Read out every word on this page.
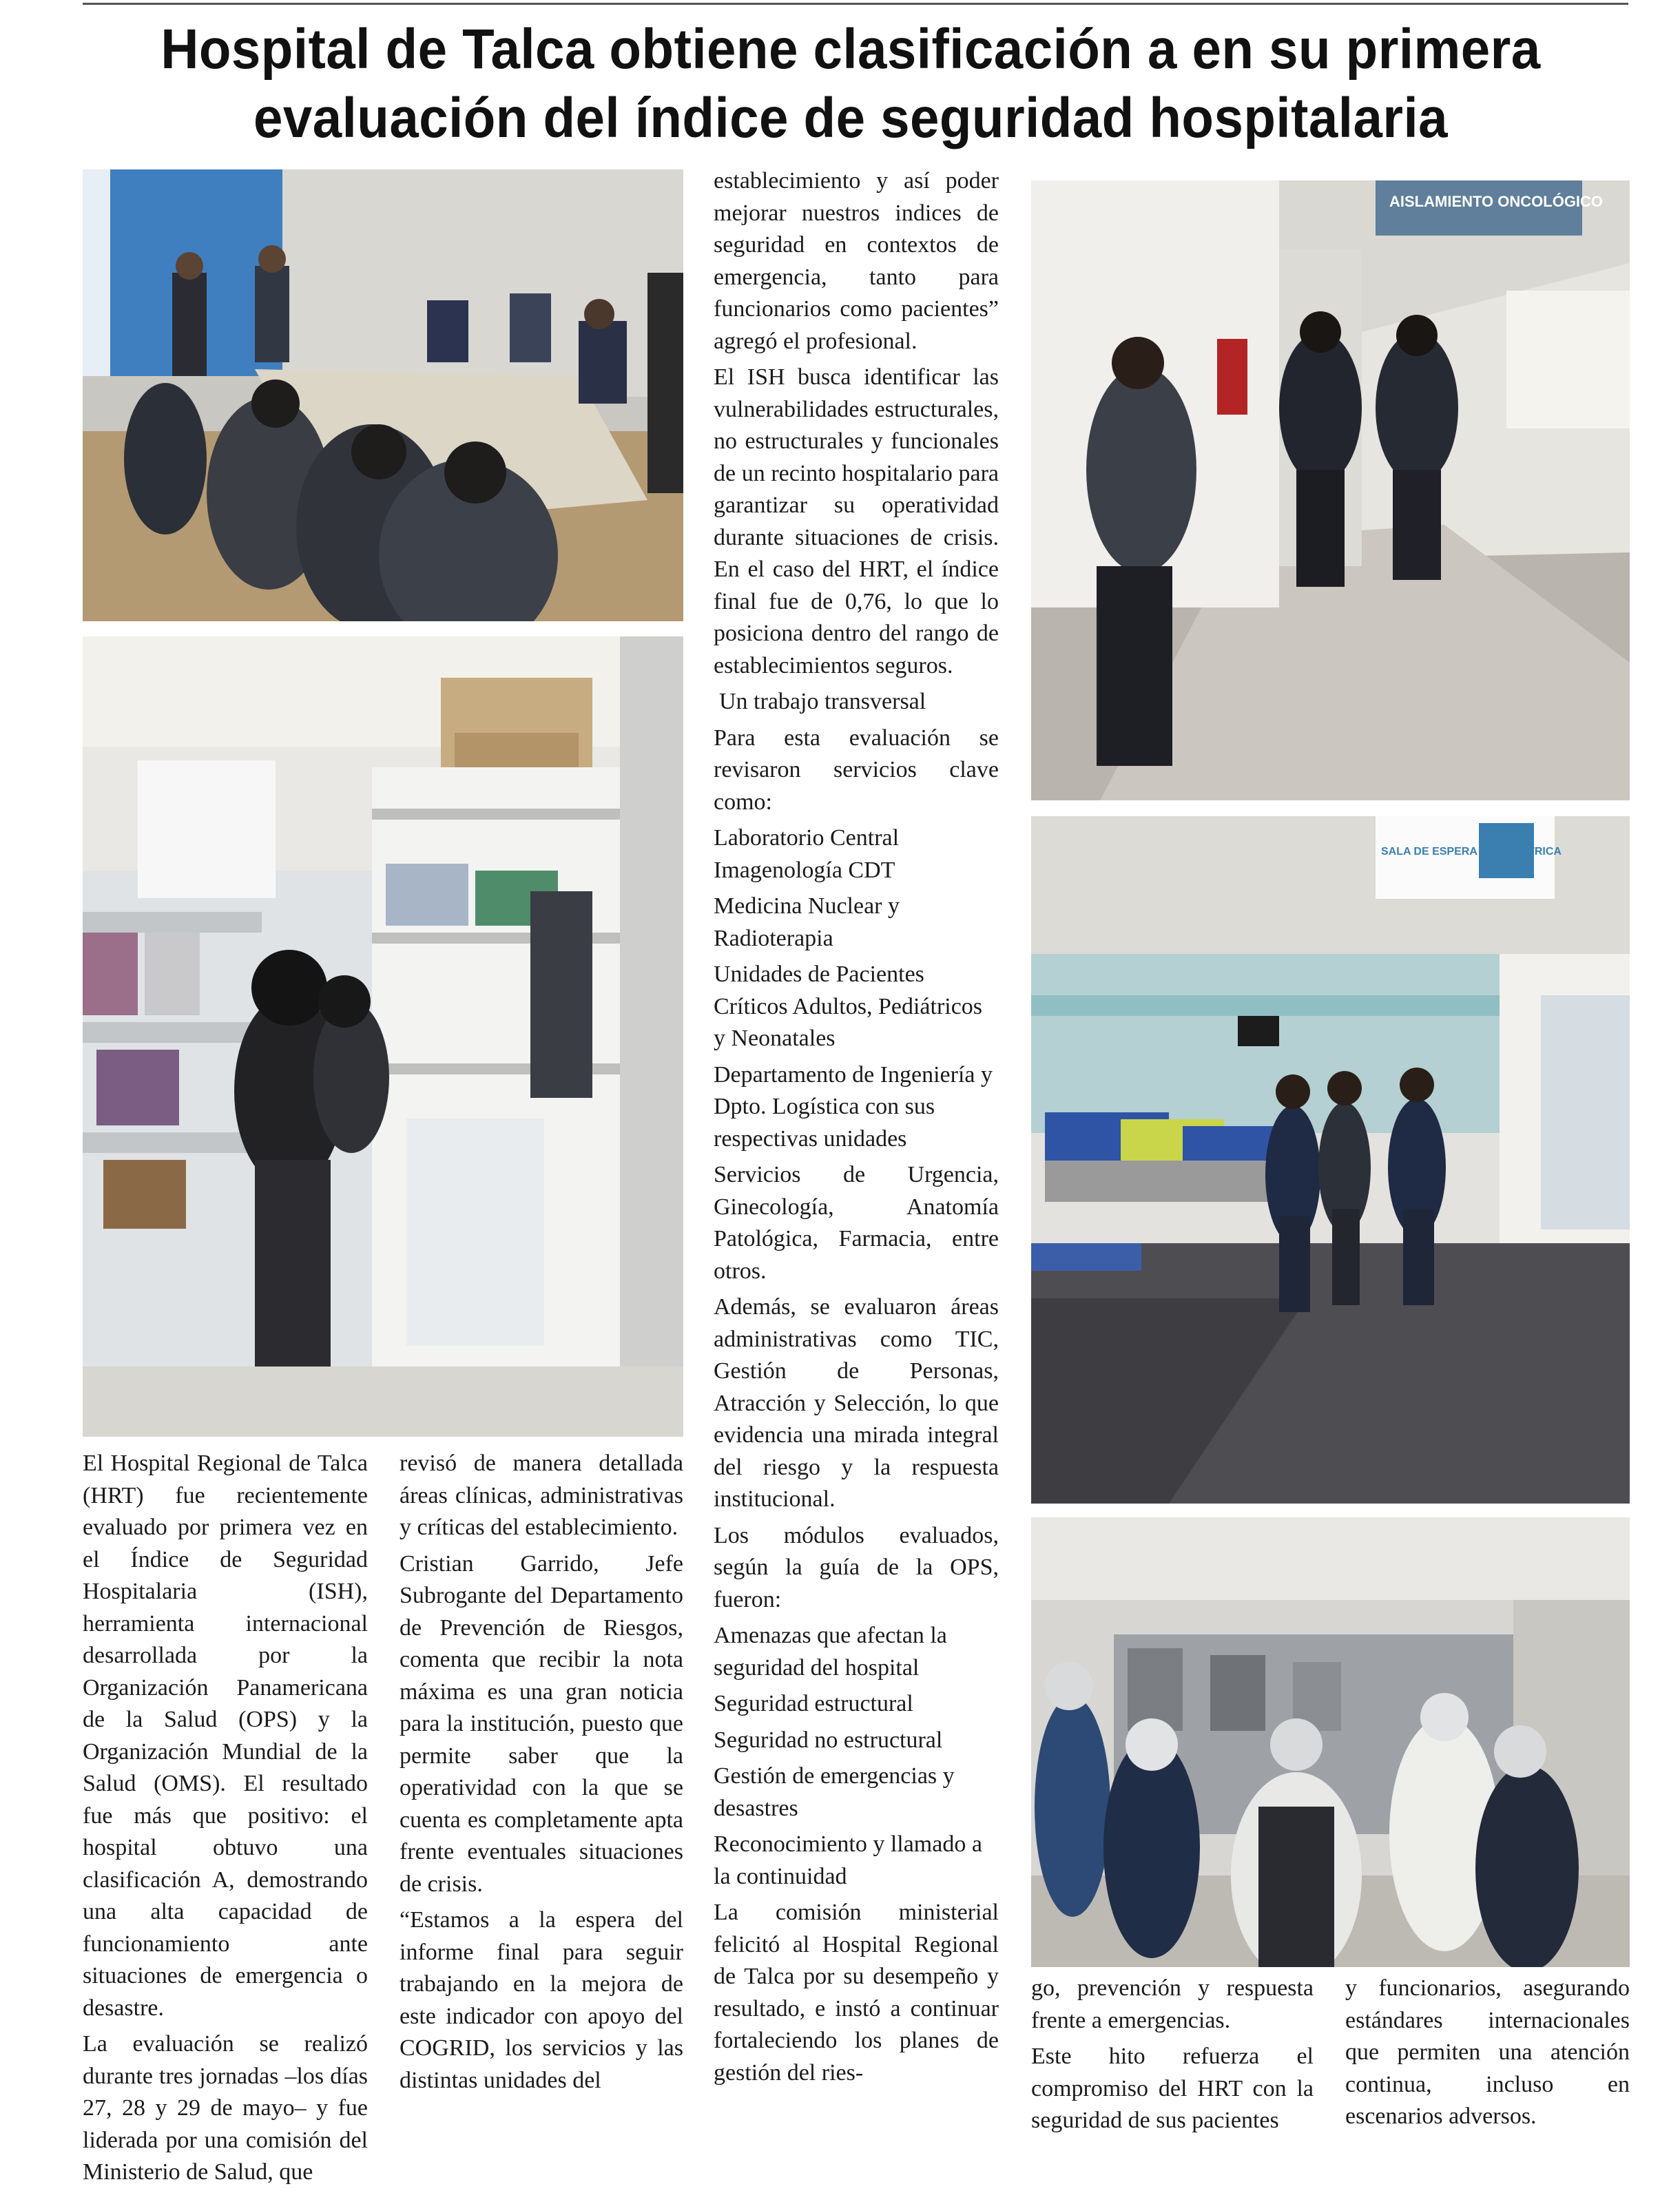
Hospital de Talca obtiene clasificación a en su primera evaluación del índice de seguridad hospitalaria
AISLAMIENTO ONCOLÓGICO
SALA DE ESPERA U. PEDIÁTRICA

El Hospital Regional de Talca (HRT) fue recientemente evaluado por primera vez en el Índice de Seguridad Hospitalaria (ISH), herramienta internacional desarrollada por la Organización Panamericana de la Salud (OPS) y la Organización Mundial de la Salud (OMS). El resultado fue más que positivo: el hospital obtuvo una clasificación A, demostrando una alta capacidad de funcionamiento ante situaciones de emergencia o desastre.

La evaluación se realizó durante tres jornadas –los días 27, 28 y 29 de mayo– y fue liderada por una comisión del Ministerio de Salud, que

revisó de manera detallada áreas clínicas, administrativas y críticas del establecimiento.

Cristian Garrido, Jefe Subrogante del Departamento de Prevención de Riesgos, comenta que recibir la nota máxima es una gran noticia para la institución, puesto que permite saber que la operatividad con la que se cuenta es completamente apta frente eventuales situaciones de crisis.

“Estamos a la espera del informe final para seguir trabajando en la mejora de este indicador con apoyo del COGRID, los servicios y las distintas unidades del

establecimiento y así poder mejorar nuestros indices de seguridad en contextos de emergencia, tanto para funcionarios como pacientes” agregó el profesional.

El ISH busca identificar las vulnerabilidades estructurales, no estructurales y funcionales de un recinto hospitalario para garantizar su operatividad durante situaciones de crisis. En el caso del HRT, el índice final fue de 0,76, lo que lo posiciona dentro del rango de establecimientos seguros.

Un trabajo transversal

Para esta evaluación se revisaron servicios clave como:

Laboratorio Central Imagenología CDT

Medicina Nuclear y Radioterapia

Unidades de Pacientes Críticos Adultos, Pediátricos y Neonatales

Departamento de Ingeniería y Dpto. Logística con sus respectivas unidades

Servicios de Urgencia, Ginecología, Anatomía Patológica, Farmacia, entre otros.

Además, se evaluaron áreas administrativas como TIC, Gestión de Personas, Atracción y Selección, lo que evidencia una mirada integral del riesgo y la respuesta institucional.

Los módulos evaluados, según la guía de la OPS, fueron:

Amenazas que afectan la seguridad del hospital

Seguridad estructural

Seguridad no estructural

Gestión de emergencias y desastres

Reconocimiento y llamado a la continuidad

La comisión ministerial felicitó al Hospital Regional de Talca por su desempeño y resultado, e instó a continuar fortaleciendo los planes de gestión del ries-

go, prevención y respuesta frente a emergencias.

Este hito refuerza el compromiso del HRT con la seguridad de sus pacientes

y funcionarios, asegurando estándares internacionales que permiten una atención continua, incluso en escenarios adversos.
